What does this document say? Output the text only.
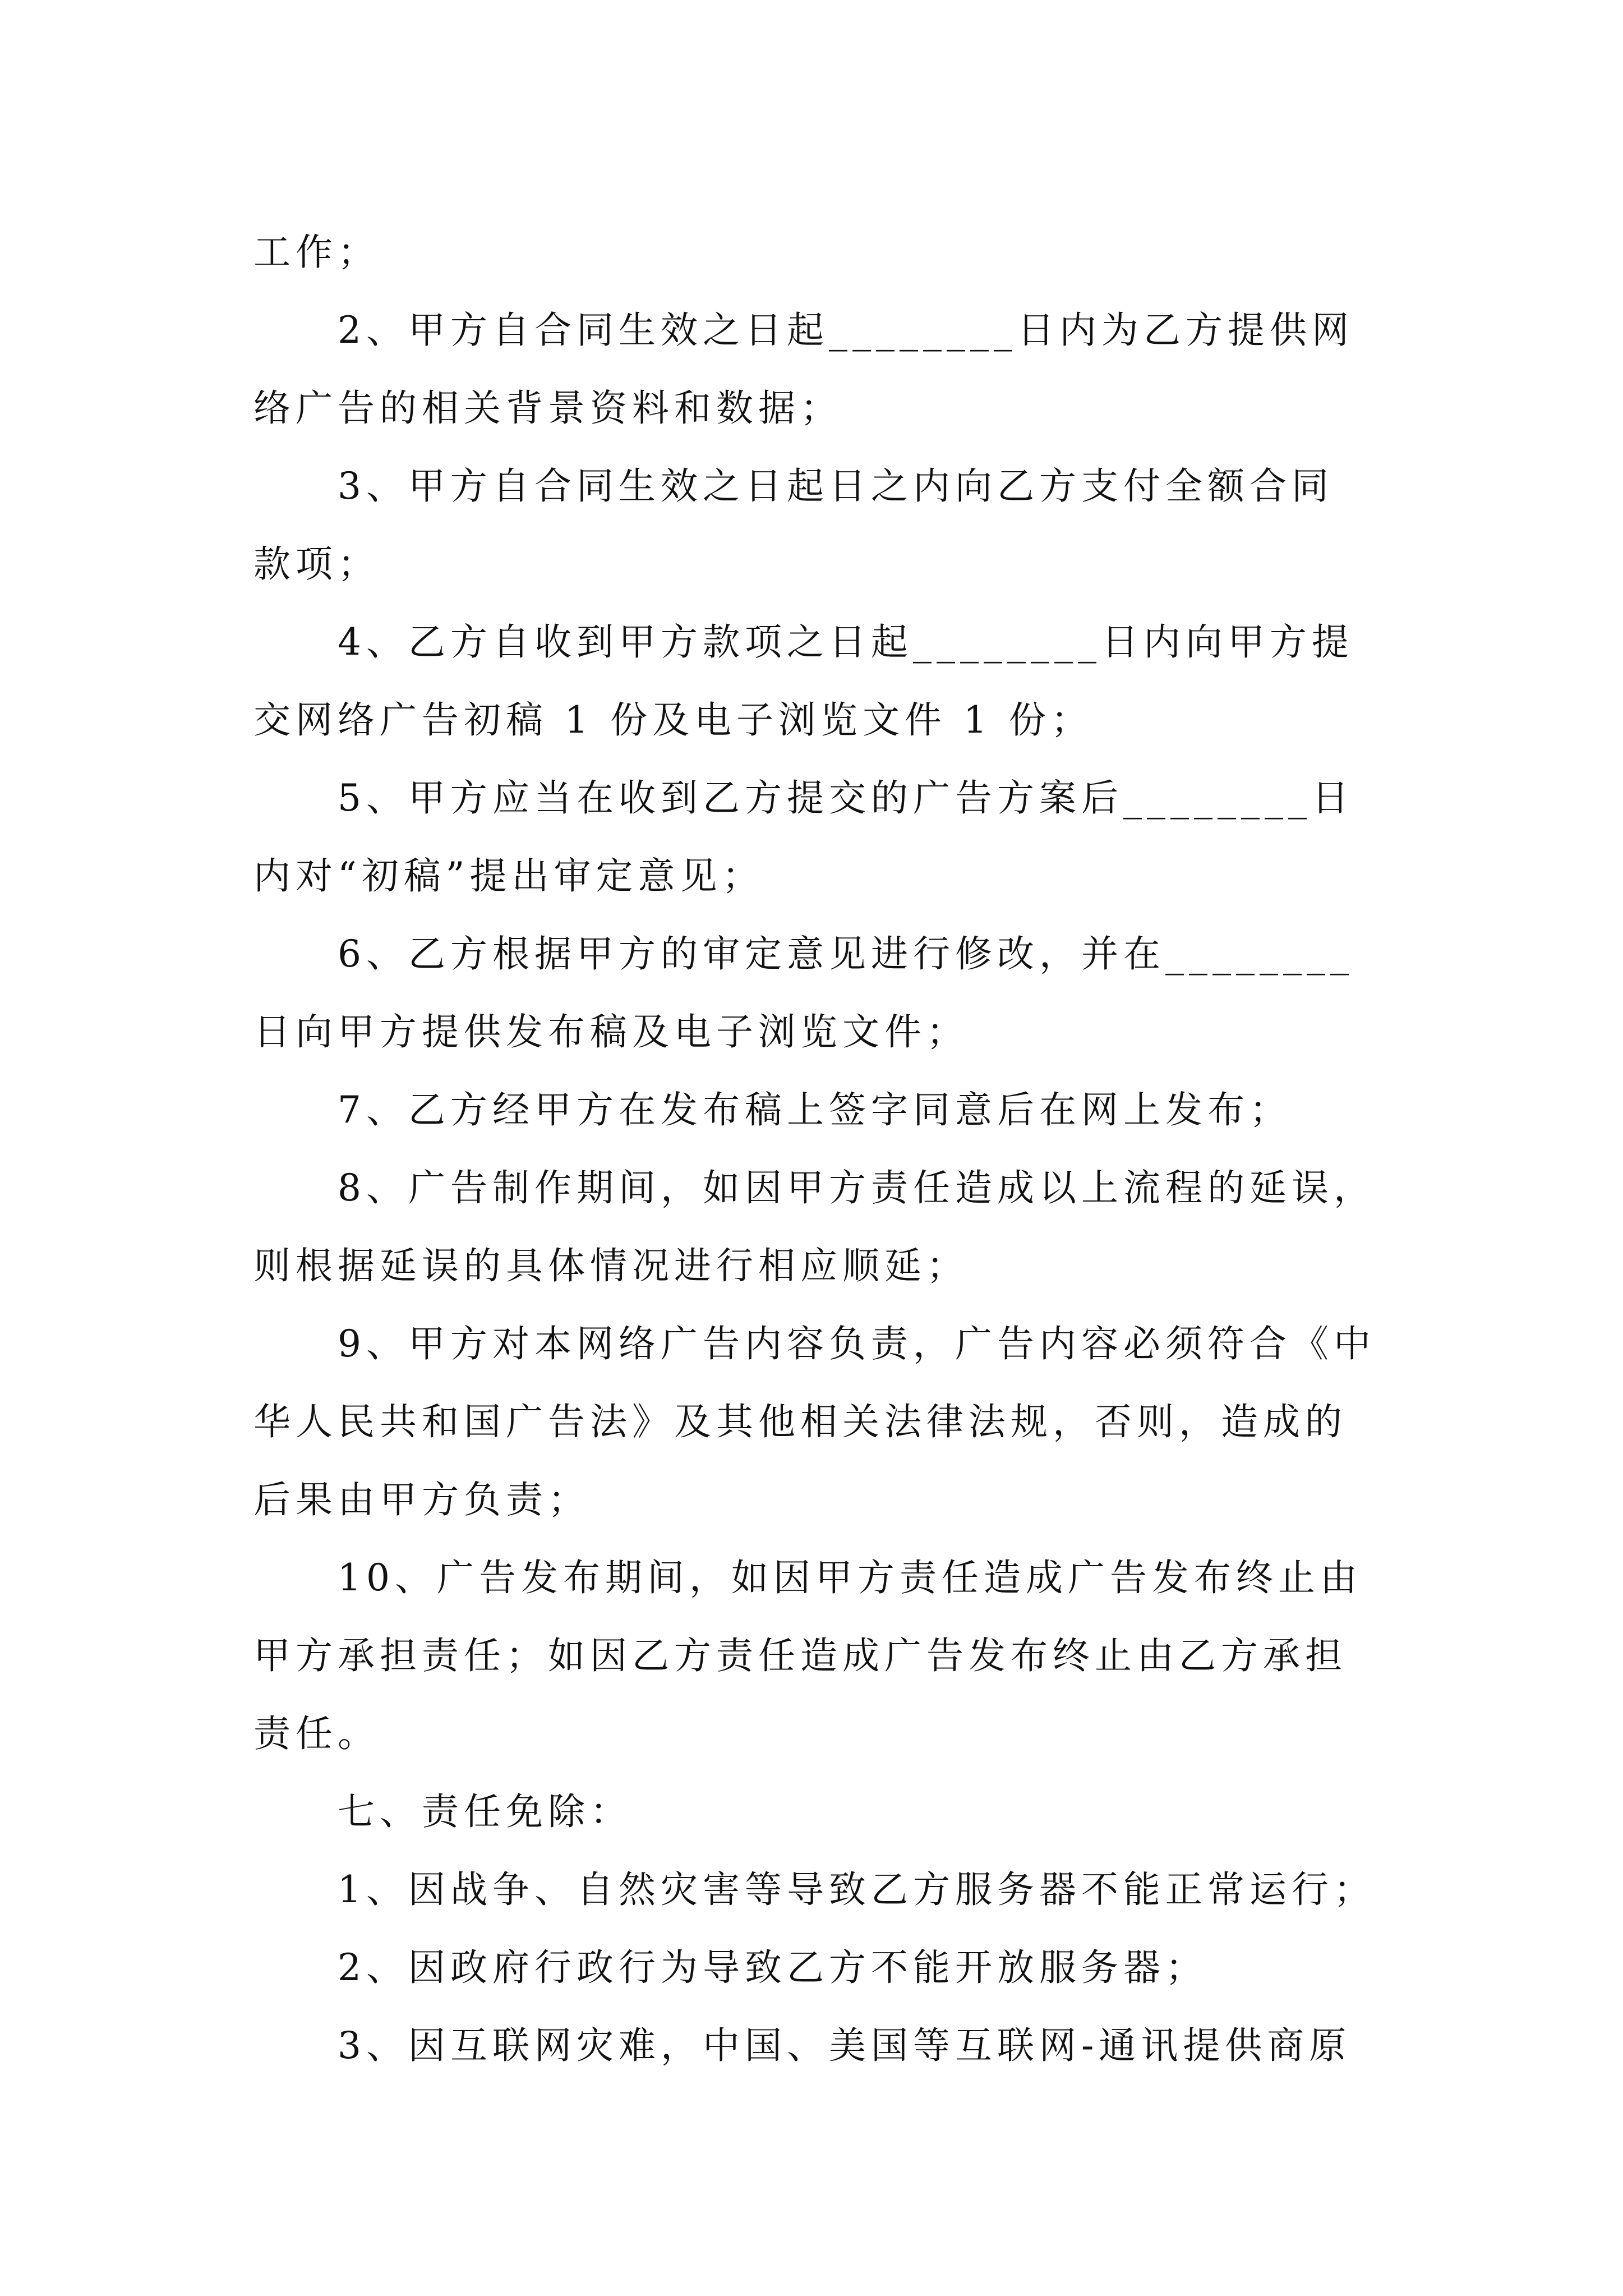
工作；
2、甲方自合同生效之日起________日内为乙方提供网
络广告的相关背景资料和数据；
3、甲方自合同生效之日起日之内向乙方支付全额合同
款项；
4、乙方自收到甲方款项之日起________日内向甲方提
交网络广告初稿 1 份及电子浏览文件 1 份；
5、甲方应当在收到乙方提交的广告方案后________日
内对“初稿”提出审定意见；
6、乙方根据甲方的审定意见进行修改，并在________
日向甲方提供发布稿及电子浏览文件；
7、乙方经甲方在发布稿上签字同意后在网上发布；
8、广告制作期间，如因甲方责任造成以上流程的延误，
则根据延误的具体情况进行相应顺延；
9、甲方对本网络广告内容负责，广告内容必须符合《中
华人民共和国广告法》及其他相关法律法规，否则，造成的
后果由甲方负责；
10、广告发布期间，如因甲方责任造成广告发布终止由
甲方承担责任；如因乙方责任造成广告发布终止由乙方承担
责任。
七、责任免除：
1、因战争、自然灾害等导致乙方服务器不能正常运行；
2、因政府行政行为导致乙方不能开放服务器；
3、因互联网灾难，中国、美国等互联网-通讯提供商原
